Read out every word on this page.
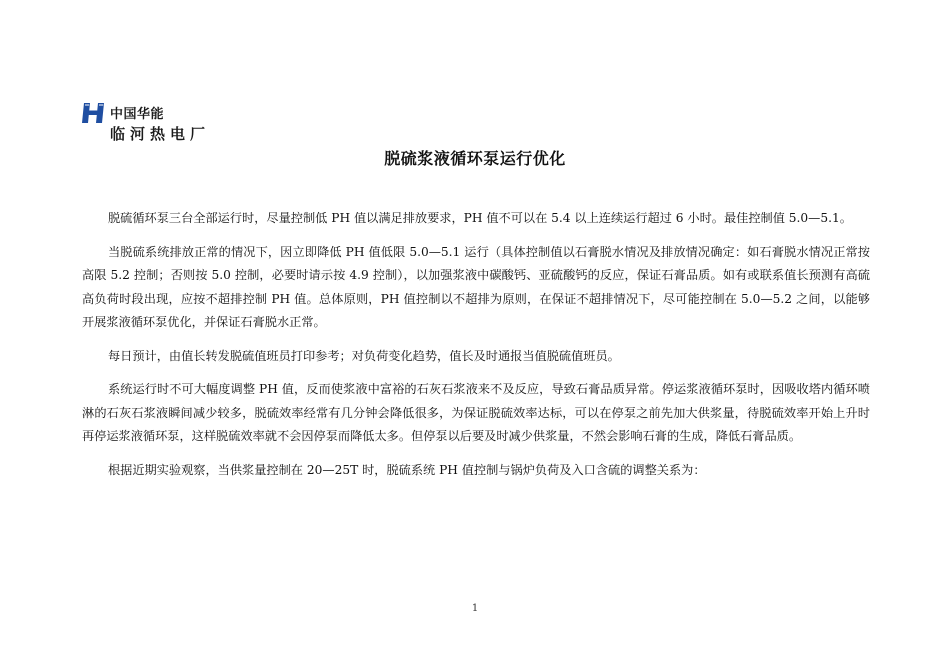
中国华能
临河热电厂
脱硫浆液循环泵运行优化

脱硫循环泵三台全部运行时，尽量控制低 PH 值以满足排放要求，PH 值不可以在 5.4 以上连续运行超过 6 小时。最佳控制值 5.0—5.1。

当脱硫系统排放正常的情况下，因立即降低 PH 值低限 5.0—5.1 运行（具体控制值以石膏脱水情况及排放情况确定：如石膏脱水情况正常按高限 5.2 控制；否则按 5.0 控制，必要时请示按 4.9 控制），以加强浆液中碳酸钙、亚硫酸钙的反应，保证石膏品质。如有或联系值长预测有高硫高负荷时段出现，应按不超排控制 PH 值。总体原则，PH 值控制以不超排为原则，在保证不超排情况下，尽可能控制在 5.0—5.2 之间，以能够开展浆液循环泵优化，并保证石膏脱水正常。

每日预计，由值长转发脱硫值班员打印参考；对负荷变化趋势，值长及时通报当值脱硫值班员。

系统运行时不可大幅度调整 PH 值，反而使浆液中富裕的石灰石浆液来不及反应，导致石膏品质异常。停运浆液循环泵时，因吸收塔内循环喷淋的石灰石浆液瞬间减少较多，脱硫效率经常有几分钟会降低很多，为保证脱硫效率达标，可以在停泵之前先加大供浆量，待脱硫效率开始上升时再停运浆液循环泵，这样脱硫效率就不会因停泵而降低太多。但停泵以后要及时减少供浆量，不然会影响石膏的生成，降低石膏品质。

根据近期实验观察，当供浆量控制在 20—25T 时，脱硫系统 PH 值控制与锅炉负荷及入口含硫的调整关系为：

1
